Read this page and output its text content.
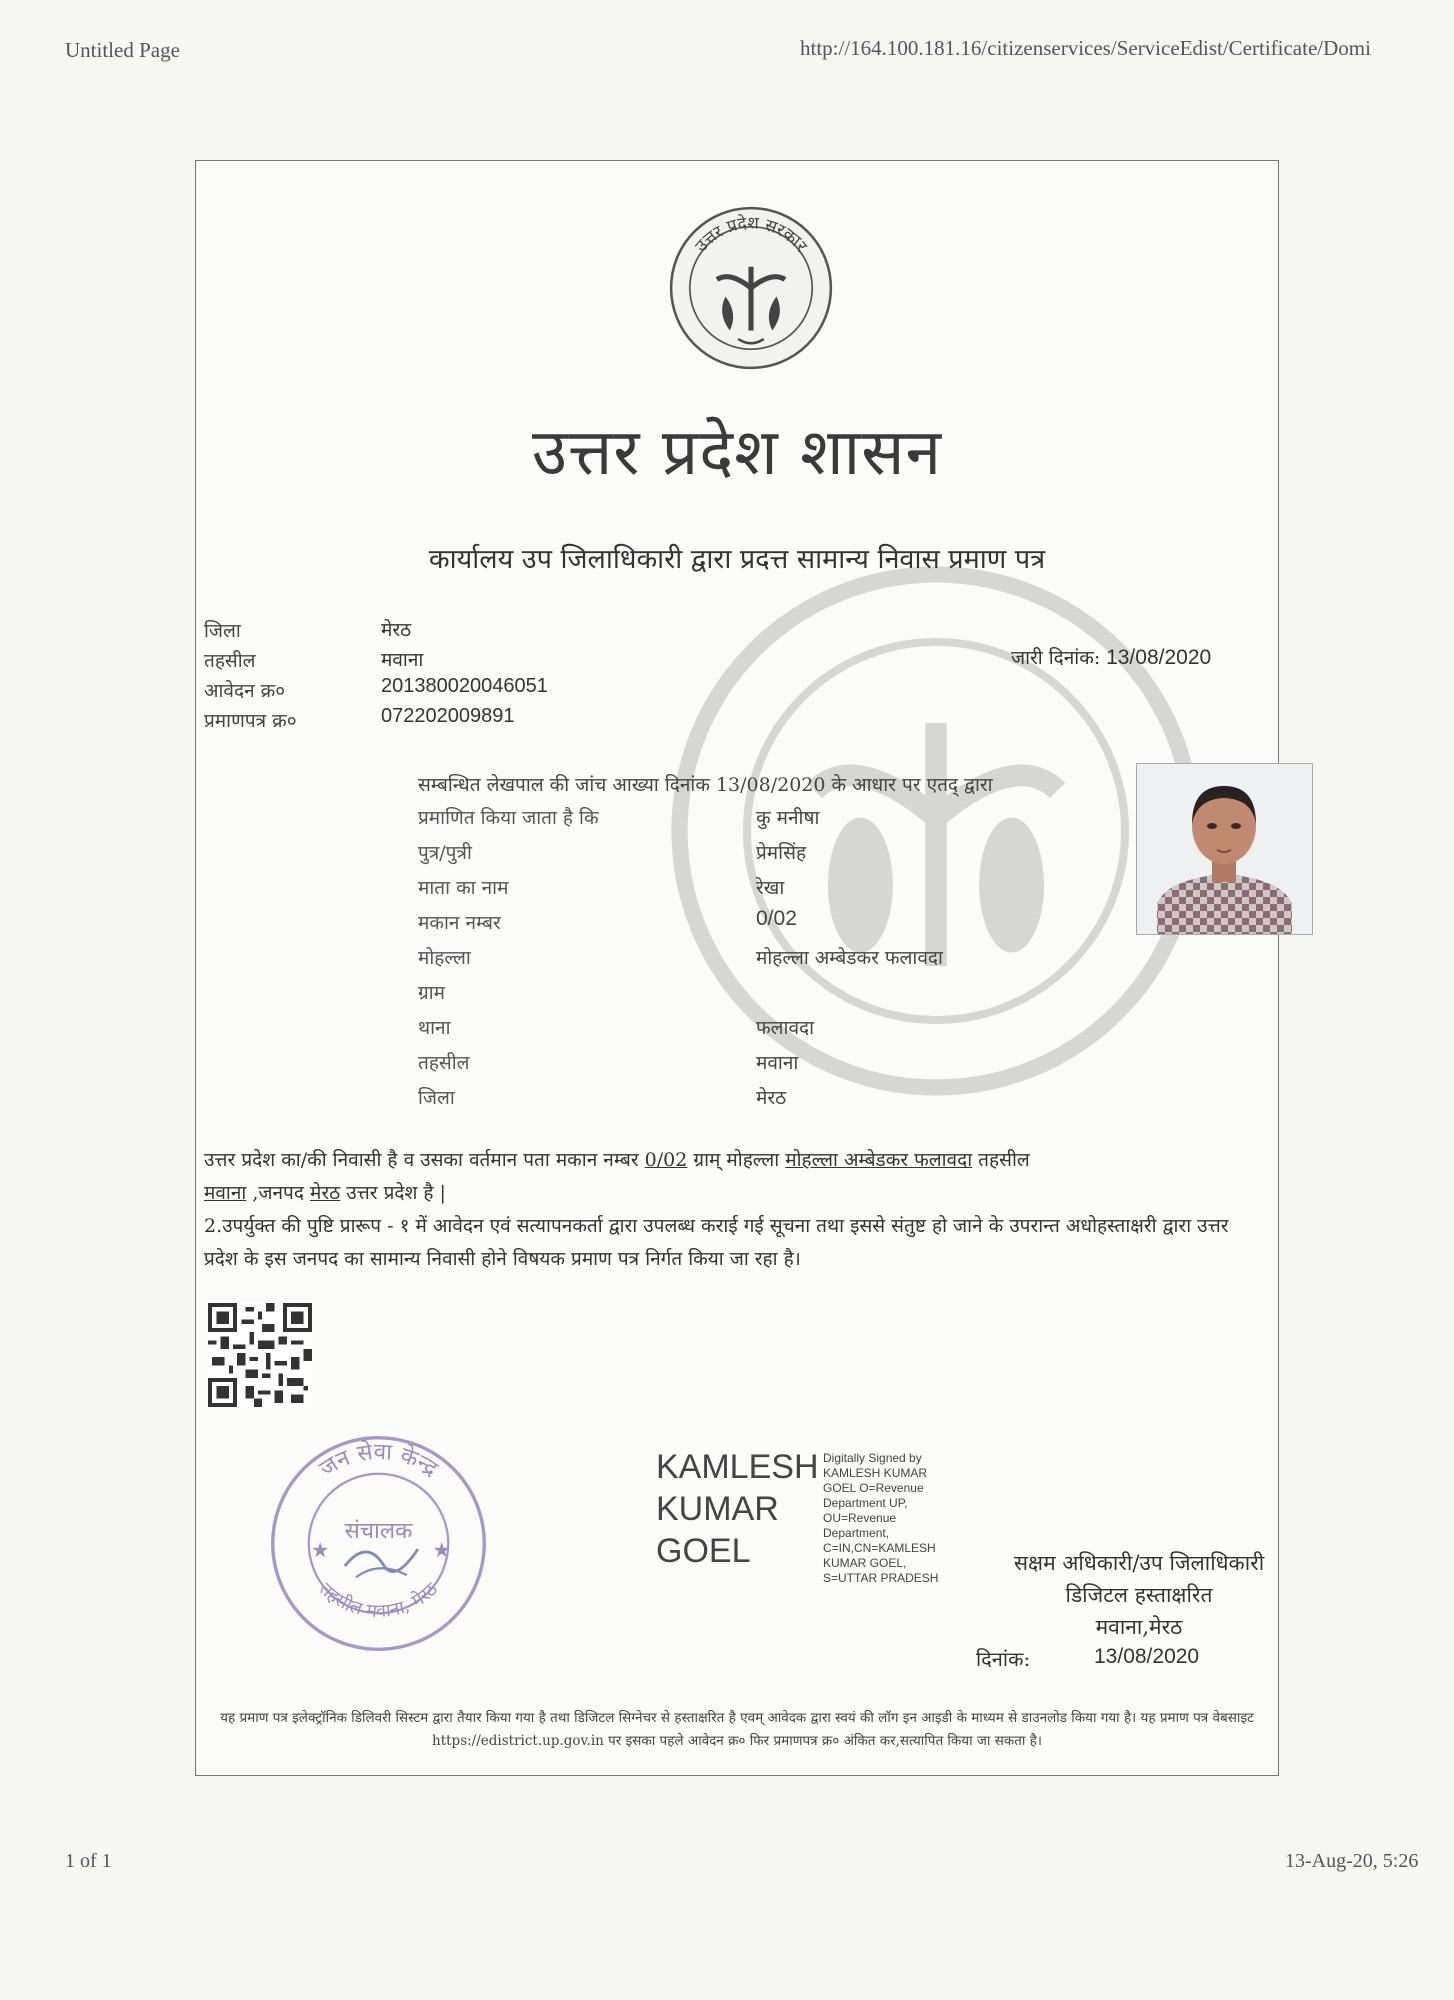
Untitled Page	http://164.100.181.16/citizenservices/ServiceEdist/Certificate/Domi
1 of 1	13-Aug-20, 5:26
उत्तर प्रदेश सरकार
उत्तर प्रदेश शासन
कार्यालय उप जिलाधिकारी द्वारा प्रदत्त सामान्य निवास प्रमाण पत्र
जिला	मेरठ
तहसील	मवाना
आवेदन क्र०	201380020046051
प्रमाणपत्र क्र०	072202009891
जारी दिनांक: 13/08/2020
सम्बन्धित लेखपाल की जांच आख्या दिनांक 13/08/2020 के आधार पर एतद् द्वारा
प्रमाणित किया जाता है कि	कु मनीषा
पुत्र/पुत्री	प्रेमसिंह
माता का नाम	रेखा
मकान नम्बर	0/02
मोहल्ला	मोहल्ला अम्बेडकर फलावदा
ग्राम
थाना	फलावदा
तहसील	मवाना
जिला	मेरठ
उत्तर प्रदेश का/की निवासी है व उसका वर्तमान पता मकान नम्बर 0/02 ग्राम् मोहल्ला मोहल्ला अम्बेडकर फलावदा तहसील
मवाना ,जनपद मेरठ उत्तर प्रदेश है |
2.उपर्युक्त की पुष्टि प्रारूप - १ में आवेदन एवं सत्यापनकर्ता द्वारा उपलब्ध कराई गई सूचना तथा इससे संतुष्ट हो जाने के उपरान्त अधोहस्ताक्षरी द्वारा उत्तर प्रदेश के इस जनपद का सामान्य निवासी होने विषयक प्रमाण पत्र निर्गत किया जा रहा है।
जन सेवा केन्द्र
तहसील मवाना, मेरठ
संचालक
★	★
KAMLESH
KUMAR
GOEL
Digitally Signed by
KAMLESH KUMAR
GOEL O=Revenue
Department UP,
OU=Revenue
Department,
C=IN,CN=KAMLESH
KUMAR GOEL,
S=UTTAR PRADESH
सक्षम अधिकारी/उप जिलाधिकारी
डिजिटल हस्ताक्षरित
मवाना,मेरठ
दिनांक:	13/08/2020
यह प्रमाण पत्र इलेक्ट्रॉनिक डिलिवरी सिस्टम द्वारा तैयार किया गया है तथा डिजिटल सिग्नेचर से हस्ताक्षरित है एवम् आवेदक द्वारा स्वयं की लॉग इन आइडी के माध्यम से डाउनलोड किया गया है। यह प्रमाण पत्र वेबसाइट https://edistrict.up.gov.in पर इसका पहले आवेदन क्र० फिर प्रमाणपत्र क्र० अंकित कर,सत्यापित किया जा सकता है।
